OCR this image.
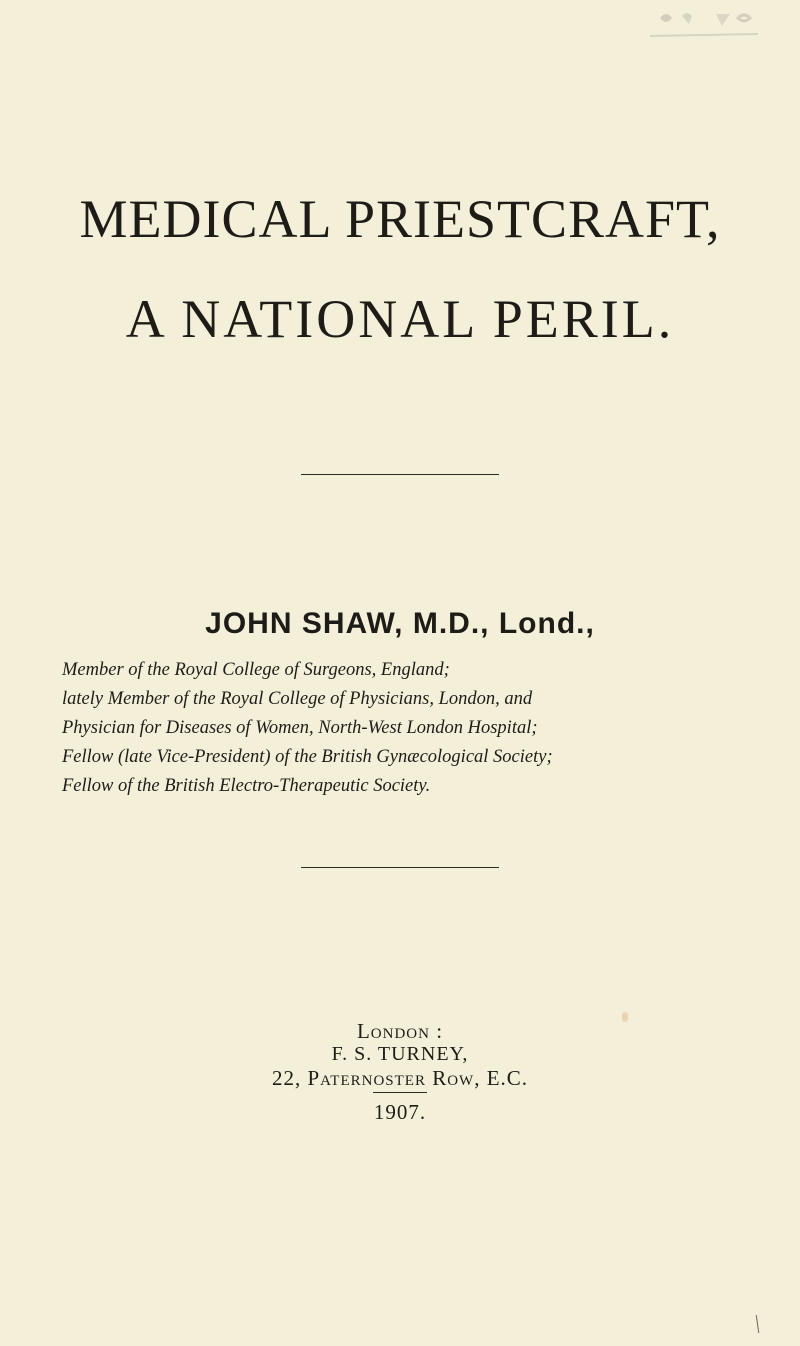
MEDICAL PRIESTCRAFT,
A NATIONAL PERIL.
JOHN SHAW, M.D., Lond.,
Member of the Royal College of Surgeons, England;
lately Member of the Royal College of Physicians, London, and
Physician for Diseases of Women, North-West London Hospital;
Fellow (late Vice-President) of the British Gynæcological Society;
Fellow of the British Electro-Therapeutic Society.
London :
F. S. TURNEY,
22, Paternoster Row, E.C.
1907.
